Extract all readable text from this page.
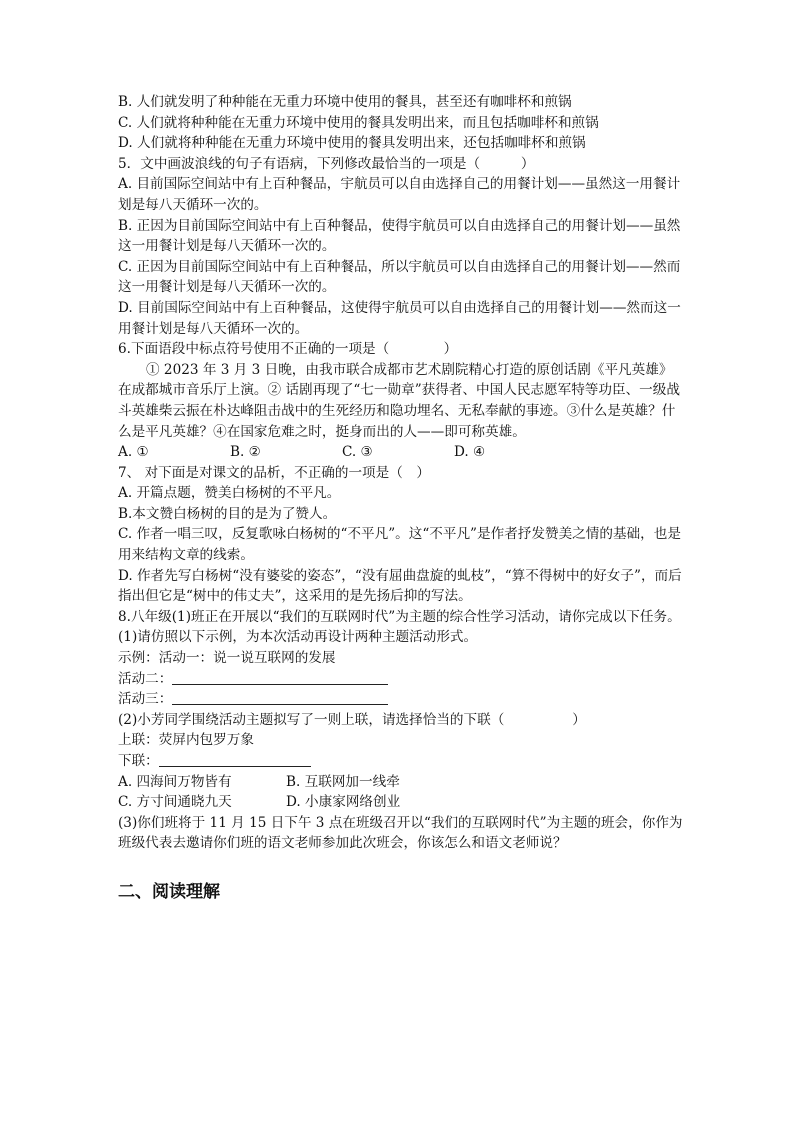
B. 人们就发明了种种能在无重力环境中使用的餐具，甚至还有咖啡杯和煎锅

C. 人们就将种种能在无重力环境中使用的餐具发明出来，而且包括咖啡杯和煎锅

D. 人们就将种种能在无重力环境中使用的餐具发明出来，还包括咖啡杯和煎锅

5．文中画波浪线的句子有语病，下列修改最恰当的一项是（　　　）

A. 目前国际空间站中有上百种餐品，宇航员可以自由选择自己的用餐计划——虽然这一用餐计划是每八天循环一次的。

B. 正因为目前国际空间站中有上百种餐品，使得宇航员可以自由选择自己的用餐计划——虽然这一用餐计划是每八天循环一次的。

C. 正因为目前国际空间站中有上百种餐品，所以宇航员可以自由选择自己的用餐计划——然而这一用餐计划是每八天循环一次的。

D. 目前国际空间站中有上百种餐品，这使得宇航员可以自由选择自己的用餐计划——然而这一用餐计划是每八天循环一次的。

6.下面语段中标点符号使用不正确的一项是（　　　　）

① 2023 年 3 月 3 日晚，由我市联合成都市艺术剧院精心打造的原创话剧《平凡英雄》在成都城市音乐厅上演。② 话剧再现了“七一勋章”获得者、中国人民志愿军特等功臣、一级战斗英雄柴云振在朴达峰阻击战中的生死经历和隐功埋名、无私奉献的事迹。③什么是英雄？什么是平凡英雄？④在国家危难之时，挺身而出的人——即可称英雄。

A. ①	B. ②	C. ③	D. ④

7、 对下面是对课文的品析，不正确的一项是（　）

A. 开篇点题，赞美白杨树的不平凡。

B.本文赞白杨树的目的是为了赞人。

C. 作者一唱三叹，反复歌咏白杨树的“不平凡”。这“不平凡”是作者抒发赞美之情的基础，也是用来结构文章的线索。

D. 作者先写白杨树“没有婆娑的姿态”，“没有屈曲盘旋的虬枝”，“算不得树中的好女子”，而后指出但它是“树中的伟丈夫”，这采用的是先扬后抑的写法。

8.八年级(1)班正在开展以“我们的互联网时代”为主题的综合性学习活动，请你完成以下任务。

(1)请仿照以下示例，为本次活动再设计两种主题活动形式。

示例：活动一：说一说互联网的发展

活动二：

活动三：

(2)小芳同学围绕活动主题拟写了一则上联，请选择恰当的下联（　　　　　）

上联：荧屏内包罗万象

下联：

A. 四海间万物皆有	B. 互联网加一线牵
C. 方寸间通晓九天	D. 小康家网络创业

(3)你们班将于 11 月 15 日下午 3 点在班级召开以“我们的互联网时代”为主题的班会，你作为班级代表去邀请你们班的语文老师参加此次班会，你该怎么和语文老师说？

二、阅读理解
